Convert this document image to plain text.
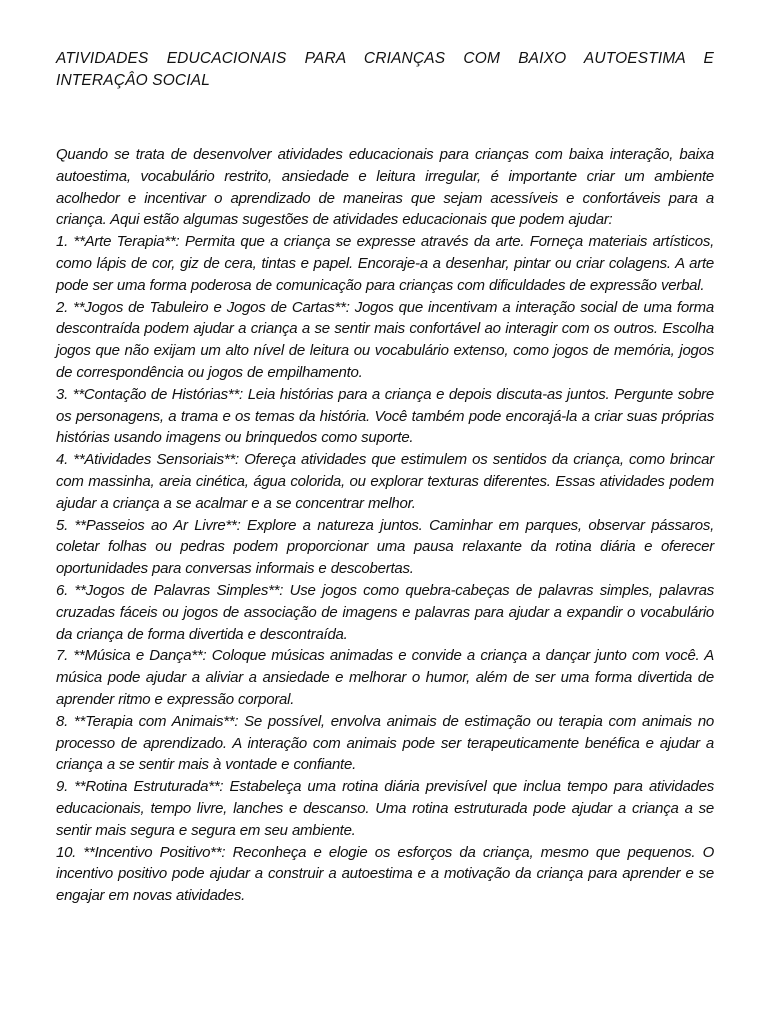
ATIVIDADES EDUCACIONAIS PARA CRIANÇAS COM BAIXO AUTOESTIMA E INTERAÇÂO SOCIAL

Quando se trata de desenvolver atividades educacionais para crianças com baixa interação, baixa autoestima, vocabulário restrito, ansiedade e leitura irregular, é importante criar um ambiente acolhedor e incentivar o aprendizado de maneiras que sejam acessíveis e confortáveis para a criança. Aqui estão algumas sugestões de atividades educacionais que podem ajudar:

1. **Arte Terapia**: Permita que a criança se expresse através da arte. Forneça materiais artísticos, como lápis de cor, giz de cera, tintas e papel. Encoraje-a a desenhar, pintar ou criar colagens. A arte pode ser uma forma poderosa de comunicação para crianças com dificuldades de expressão verbal.

2. **Jogos de Tabuleiro e Jogos de Cartas**: Jogos que incentivam a interação social de uma forma descontraída podem ajudar a criança a se sentir mais confortável ao interagir com os outros. Escolha jogos que não exijam um alto nível de leitura ou vocabulário extenso, como jogos de memória, jogos de correspondência ou jogos de empilhamento.

3. **Contação de Histórias**: Leia histórias para a criança e depois discuta-as juntos. Pergunte sobre os personagens, a trama e os temas da história. Você também pode encorajá-la a criar suas próprias histórias usando imagens ou brinquedos como suporte.

4. **Atividades Sensoriais**: Ofereça atividades que estimulem os sentidos da criança, como brincar com massinha, areia cinética, água colorida, ou explorar texturas diferentes. Essas atividades podem ajudar a criança a se acalmar e a se concentrar melhor.

5. **Passeios ao Ar Livre**: Explore a natureza juntos. Caminhar em parques, observar pássaros, coletar folhas ou pedras podem proporcionar uma pausa relaxante da rotina diária e oferecer oportunidades para conversas informais e descobertas.

6. **Jogos de Palavras Simples**: Use jogos como quebra-cabeças de palavras simples, palavras cruzadas fáceis ou jogos de associação de imagens e palavras para ajudar a expandir o vocabulário da criança de forma divertida e descontraída.

7. **Música e Dança**: Coloque músicas animadas e convide a criança a dançar junto com você. A música pode ajudar a aliviar a ansiedade e melhorar o humor, além de ser uma forma divertida de aprender ritmo e expressão corporal.

8. **Terapia com Animais**: Se possível, envolva animais de estimação ou terapia com animais no processo de aprendizado. A interação com animais pode ser terapeuticamente benéfica e ajudar a criança a se sentir mais à vontade e confiante.

9. **Rotina Estruturada**: Estabeleça uma rotina diária previsível que inclua tempo para atividades educacionais, tempo livre, lanches e descanso. Uma rotina estruturada pode ajudar a criança a se sentir mais segura e segura em seu ambiente.

10. **Incentivo Positivo**: Reconheça e elogie os esforços da criança, mesmo que pequenos. O incentivo positivo pode ajudar a construir a autoestima e a motivação da criança para aprender e se engajar em novas atividades.
